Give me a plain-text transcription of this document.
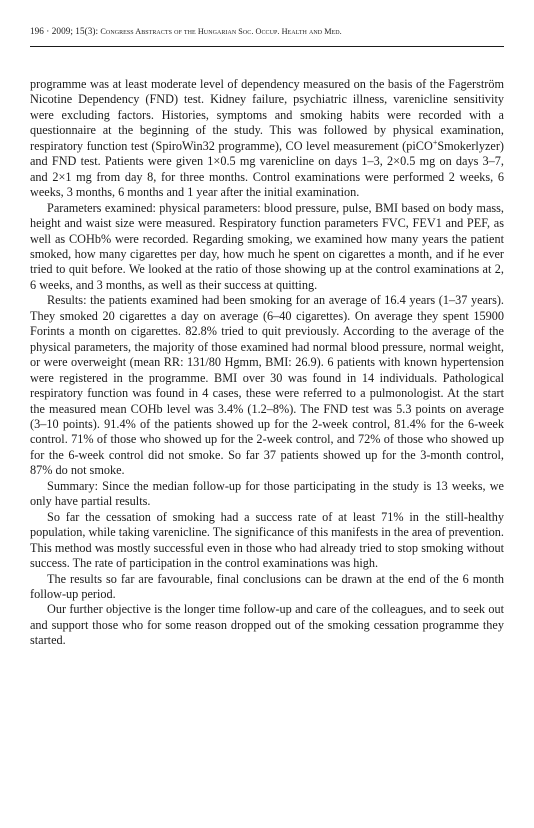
196 · 2009; 15(3): Congress Abstracts of the Hungarian Soc. Occup. Health and Med.

programme was at least moderate level of dependency measured on the basis of the Fagerström Nicotine Dependency (FND) test. Kidney failure, psychiatric illness, varenicline sensitivity were excluding factors. Histories, symptoms and smoking habits were recorded with a questionnaire at the beginning of the study. This was followed by physical examination, respiratory function test (SpiroWin32 programme), CO level measurement (piCO+Smokerlyzer) and FND test. Patients were given 1×0.5 mg varenicline on days 1–3, 2×0.5 mg on days 3–7, and 2×1 mg from day 8, for three months. Control examinations were performed 2 weeks, 6 weeks, 3 months, 6 months and 1 year after the initial examination.

Parameters examined: physical parameters: blood pressure, pulse, BMI based on body mass, height and waist size were measured. Respiratory function parameters FVC, FEV1 and PEF, as well as COHb% were recorded. Regarding smoking, we examined how many years the patient smoked, how many cigarettes per day, how much he spent on cigarettes a month, and if he ever tried to quit before. We looked at the ratio of those showing up at the control examinations at 2, 6 weeks, and 3 months, as well as their success at quitting.

Results: the patients examined had been smoking for an average of 16.4 years (1–37 years). They smoked 20 cigarettes a day on average (6–40 cigarettes). On average they spent 15900 Forints a month on cigarettes. 82.8% tried to quit previously. According to the average of the physical parameters, the majority of those examined had normal blood pressure, normal weight, or were overweight (mean RR: 131/80 Hgmm, BMI: 26.9). 6 patients with known hypertension were registered in the programme. BMI over 30 was found in 14 individuals. Pathological respiratory function was found in 4 cases, these were referred to a pulmonologist. At the start the measured mean COHb level was 3.4% (1.2–8%). The FND test was 5.3 points on average (3–10 points). 91.4% of the patients showed up for the 2-week control, 81.4% for the 6-week control. 71% of those who showed up for the 2-week control, and 72% of those who showed up for the 6-week control did not smoke. So far 37 patients showed up for the 3-month control, 87% do not smoke.

Summary: Since the median follow-up for those participating in the study is 13 weeks, we only have partial results.

So far the cessation of smoking had a success rate of at least 71% in the still-healthy population, while taking varenicline. The significance of this manifests in the area of prevention. This method was mostly successful even in those who had already tried to stop smoking without success. The rate of participation in the control examinations was high.

The results so far are favourable, final conclusions can be drawn at the end of the 6 month follow-up period.

Our further objective is the longer time follow-up and care of the colleagues, and to seek out and support those who for some reason dropped out of the smoking cessation programme they started.
